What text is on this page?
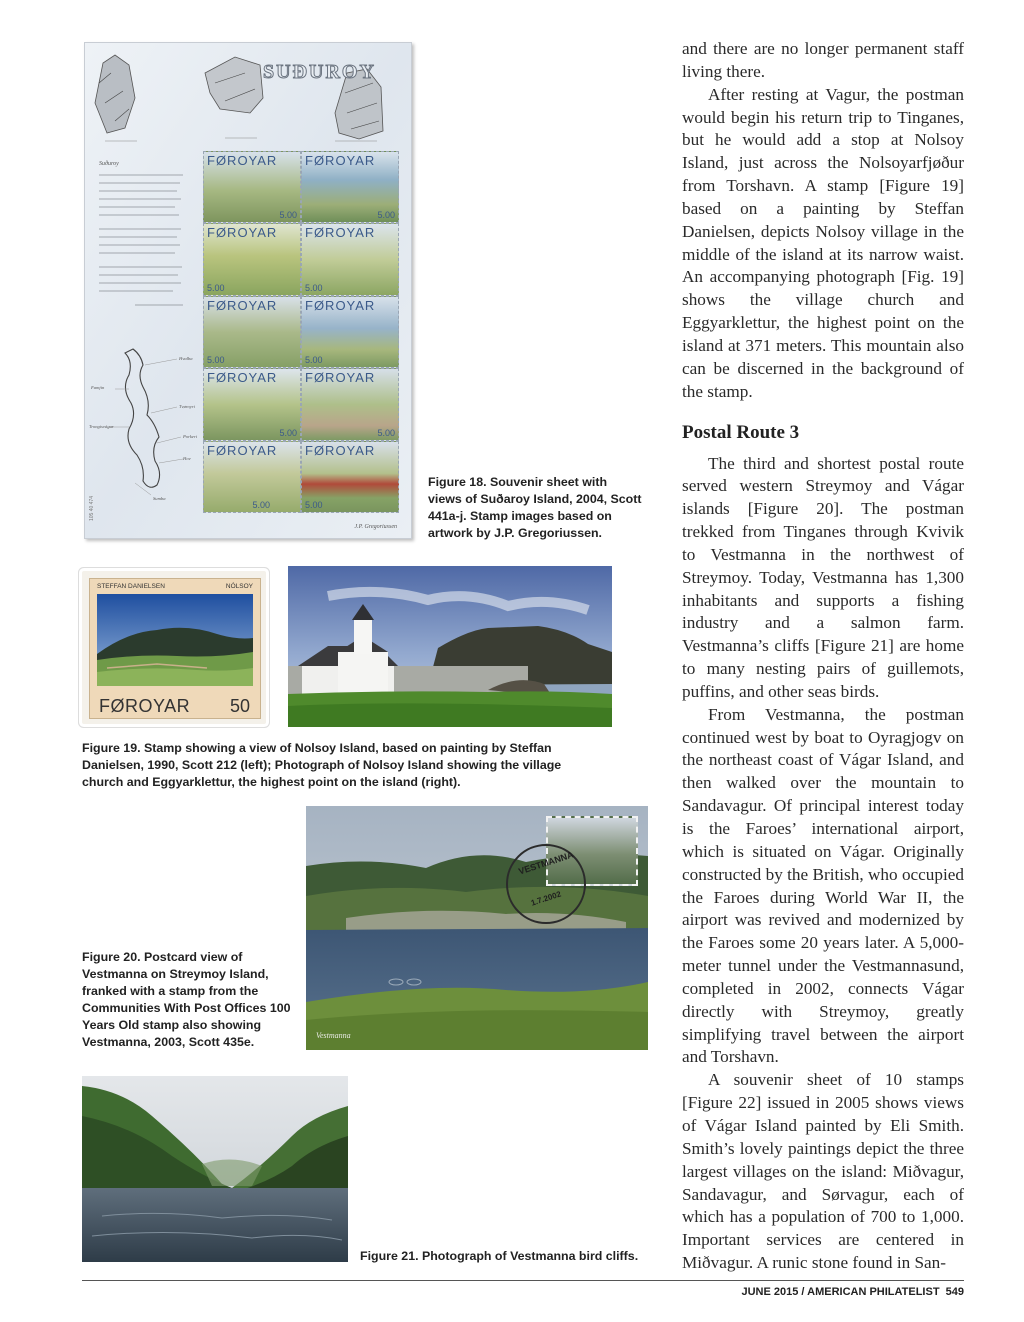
105 40 474
SUÐUROY
Suðuroy
Hvalba
Famjin
Tvøroyri
Trongisvágur
Porkeri
Hov
Sumba
FØROYAR
5.00
FØROYAR
5.00
FØROYAR
5.00
FØROYAR
5.00
FØROYAR
5.00
FØROYAR
5.00
FØROYAR
5.00
FØROYAR
5.00
FØROYAR
5.00
FØROYAR
5.00
J.P. Gregoriussen
Figure 18. Souvenir sheet with views of Suðaroy Island, 2004, Scott 441a-j. Stamp images based on artwork by J.P. Gregoriussen.
STEFFAN DANIELSEN	NÓLSOY
FØROYAR 50
Figure 19. Stamp showing a view of Nolsoy Island, based on painting by Steffan Danielsen, 1990, Scott 212 (left); Photograph of Nolsoy Island showing the village church and Eggyarklettur, the highest point on the island (right).
VESTMANNA
1.7.2002
Vestmanna
Figure 20. Postcard view of Vestmanna on Streymoy Island, franked with a stamp from the Communities With Post Offices 100 Years Old stamp also showing Vestmanna, 2003, Scott 435e.
Figure 21. Photograph of Vestmanna bird cliffs.

and there are no longer permanent staff living there.

After resting at Vagur, the postman would begin his return trip to Tinganes, but he would add a stop at Nolsoy Island, just across the Nolsoyarfjøður from Torshavn. A stamp [Figure 19] based on a painting by Steffan Danielsen, depicts Nolsoy village in the middle of the island at its narrow waist. An accompanying photograph [Fig. 19] shows the village church and Eggyarklettur, the highest point on the island at 371 meters. This mountain also can be discerned in the background of the stamp.

Postal Route 3

The third and shortest postal route served western Streymoy and Vágar islands [Figure 20]. The postman trekked from Tinganes through Kvivik to Vestmanna in the northwest of Streymoy. Today, Vestmanna has 1,300 inhabitants and supports a fishing industry and a salmon farm. Vestmanna’s cliffs [Figure 21] are home to many nesting pairs of guillemots, puffins, and other seas birds.

From Vestmanna, the postman continued west by boat to Oyragjogv on the northeast coast of Vágar Island, and then walked over the mountain to Sandavagur. Of principal interest today is the Faroes’ international airport, which is situated on Vágar. Originally constructed by the British, who occupied the Faroes during World War II, the airport was revived and modernized by the Faroes some 20 years later. A 5,000-meter tunnel under the Vestmannasund, completed in 2002, connects Vágar directly with Streymoy, greatly simplifying travel between the airport and Torshavn.

A souvenir sheet of 10 stamps [Figure 22] issued in 2005 shows views of Vágar Island painted by Eli Smith. Smith’s lovely paintings depict the three largest villages on the island: Miðvagur, Sandavagur, and Sørvagur, each of which has a population of 700 to 1,000. Important services are centered in Miðvagur. A runic stone found in San-

JUNE 2015 / AMERICAN PHILATELIST  549
